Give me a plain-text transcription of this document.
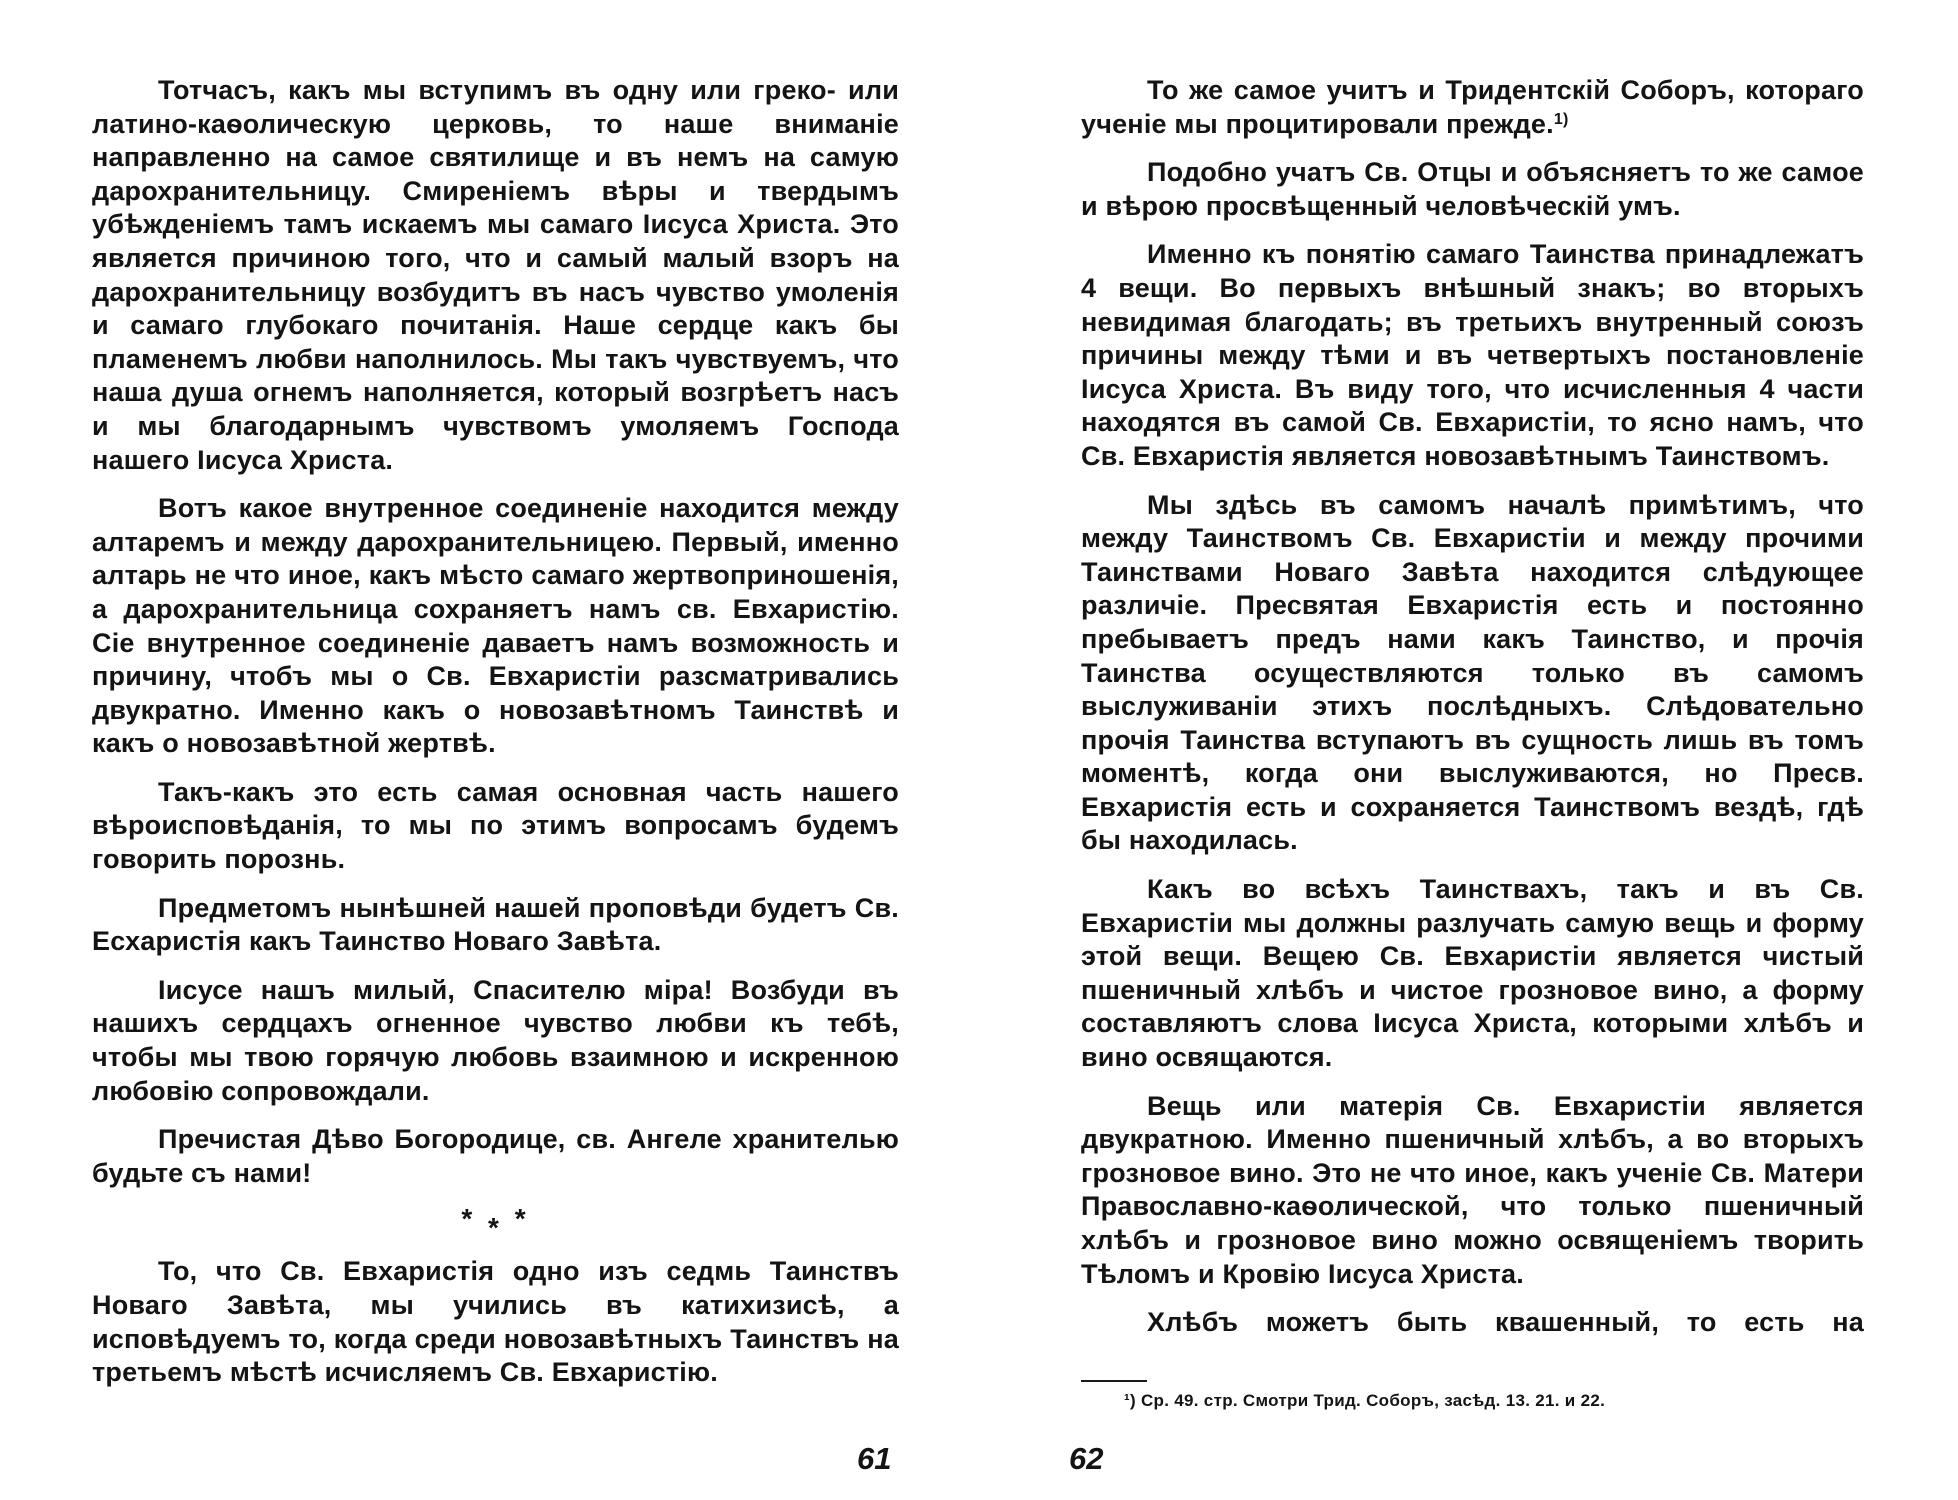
Тотчасъ, какъ мы вступимъ въ одну или греко- или латино-каѳолическую церковь, то наше вниманіе направленно на самое святилище и въ немъ на самую дарохранительницу. Смиреніемъ вѣры и твердымъ убѣжденіемъ тамъ искаемъ мы самаго Іисуса Христа. Это является причиною того, что и самый малый взоръ на дарохранительницу возбудитъ въ насъ чувство умоленія и самаго глубокаго почитанія. Наше сердце какъ бы пламенемъ любви наполнилось. Мы такъ чувствуемъ, что наша душа огнемъ наполняется, который возгрѣетъ насъ и мы благодарнымъ чувствомъ умоляемъ Господа нашего Іисуса Христа.

Вотъ какое внутренное соединеніе находится между алтаремъ и между дарохранительницею. Первый, именно алтарь не что иное, какъ мѣсто самаго жертвоприношенія, а дарохранительница сохраняетъ намъ св. Евхаристію. Сіе внутренное соединеніе даваетъ намъ возможность и причину, чтобъ мы о Св. Евхаристіи разсматривались двукратно. Именно какъ о новозавѣтномъ Таинствѣ и какъ о новозавѣтной жертвѣ.

Такъ-какъ это есть самая основная часть нашего вѣроисповѣданія, то мы по этимъ вопросамъ будемъ говорить порознь.

Предметомъ нынѣшней нашей проповѣди будетъ Св. Есхаристія какъ Таинство Новаго Завѣта.

Іисусе нашъ милый, Спасителю міра! Возбуди въ нашихъ сердцахъ огненное чувство любви къ тебѣ, чтобы мы твою горячую любовь взаимною и искренною любовію сопровождали.

Пречистая Дѣво Богородице, св. Ангеле хранителью будьте съ нами!

* * *

То, что Св. Евхаристія одно изъ седмь Таинствъ Новаго Завѣта, мы учились въ катихизисѣ, а исповѣдуемъ то, когда среди новозавѣтныхъ Таинствъ на третьемъ мѣстѣ исчисляемъ Св. Евхаристію.

61

То же самое учитъ и Тридентскій Соборъ, котораго ученіе мы процитировали прежде.$^{1)}$

Подобно учатъ Св. Отцы и объясняетъ то же самое и вѣрою просвѣщенный человѣческій умъ.

Именно къ понятію самаго Таинства принадлежатъ 4 вещи. Во первыхъ внѣшный знакъ; во вторыхъ невидимая благодать; въ третьихъ внутренный союзъ причины между тѣми и въ четвертыхъ постановленіе Іисуса Христа. Въ виду того, что исчисленныя 4 части находятся въ самой Св. Евхаристіи, то ясно намъ, что Св. Евхаристія является новозавѣтнымъ Таинствомъ.

Мы здѣсь въ самомъ началѣ примѣтимъ, что между Таинствомъ Св. Евхаристіи и между прочими Таинствами Новаго Завѣта находится слѣдующее различіе. Пресвятая Евхаристія есть и постоянно пребываетъ предъ нами какъ Таинство, и прочія Таинства осуществляются только въ самомъ выслуживаніи этихъ послѣдныхъ. Слѣдовательно прочія Таинства вступаютъ въ сущность лишь въ томъ моментѣ, когда они выслуживаются, но Пресв. Евхаристія есть и сохраняется Таинствомъ вездѣ, гдѣ бы находилась.

Какъ во всѣхъ Таинствахъ, такъ и въ Св. Евхаристіи мы должны разлучать самую вещь и форму этой вещи. Вещею Св. Евхаристіи является чистый пшеничный хлѣбъ и чистое грозновое вино, а форму составляютъ слова Іисуса Христа, которыми хлѣбъ и вино освящаются.

Вещь или матерія Св. Евхаристіи является двукратною. Именно пшеничный хлѣбъ, а во вторыхъ грозновое вино. Это не что иное, какъ ученіе Св. Матери Православно-каѳолической, что только пшеничный хлѣбъ и грозновое вино можно освященіемъ творить Тѣломъ и Кровію Іисуса Христа.

Хлѣбъ можетъ быть квашенный, то есть на

¹) Ср. 49. стр. Смотри Трид. Соборъ, засѣд. 13. 21. и 22.
62
